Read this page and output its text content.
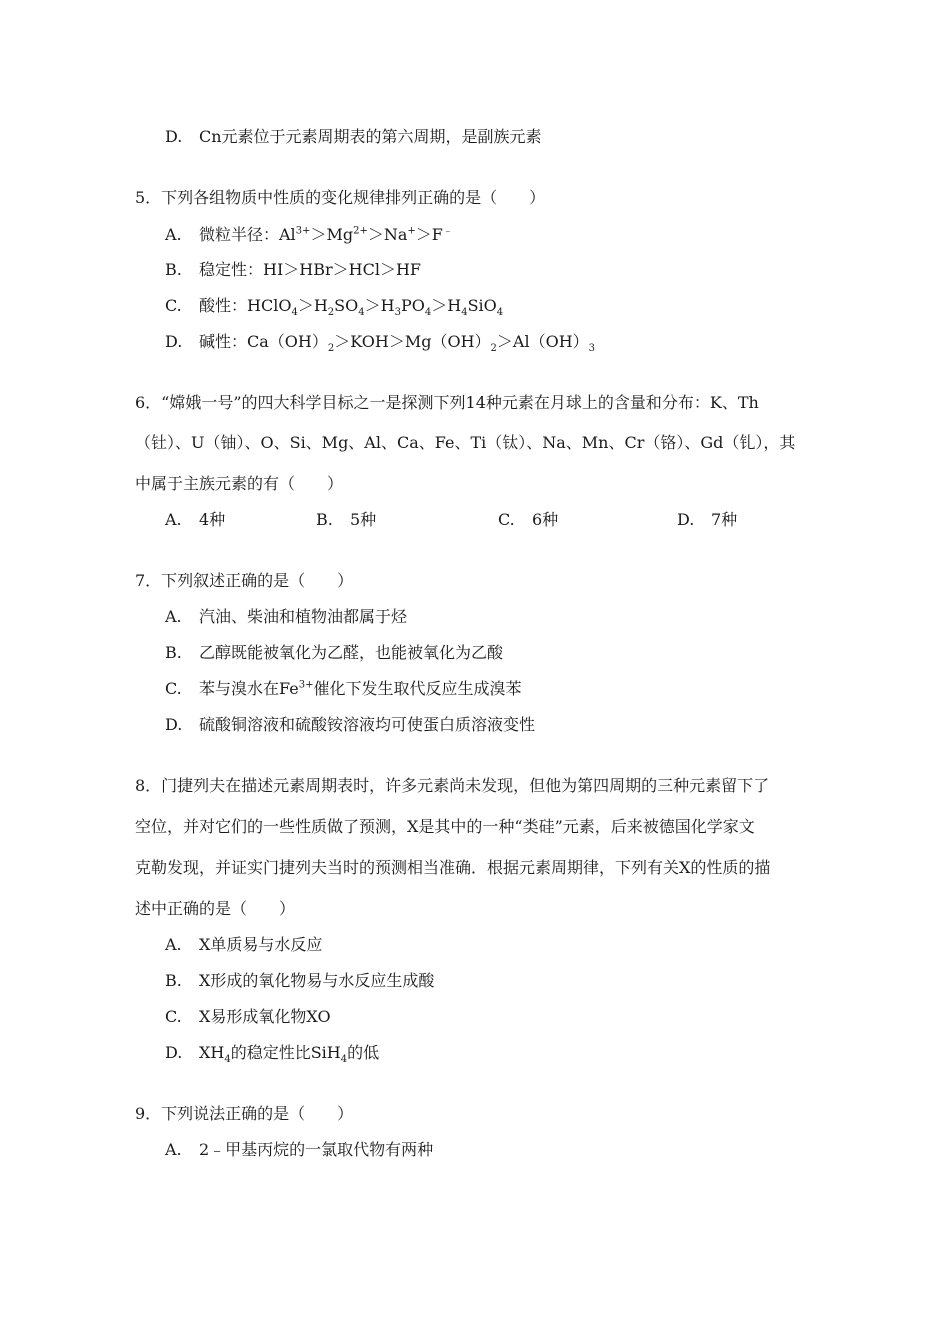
D. Cn元素位于元素周期表的第六周期，是副族元素
5．下列各组物质中性质的变化规律排列正确的是（　　）
A. 微粒半径：$Al^{3+}>Mg^{2+}>Na^+>F^﹣$
B. 稳定性：HI＞HBr＞HCl＞HF
C. 酸性：$HClO_4>H_2SO_4>H_3PO_4>H_4SiO_4$
D. 碱性：$Ca(OH)_2>KOH>Mg(OH)_2>Al(OH)_3$
6．“嫦娥一号”的四大科学目标之一是探测下列14种元素在月球上的含量和分布：K、Th
（钍）、U（铀）、O、Si、Mg、Al、Ca、Fe、Ti（钛）、Na、Mn、Cr（铬）、Gd（钆），其
中属于主族元素的有（　　）
A. 4种	B. 5种	C. 6种	D. 7种
7．下列叙述正确的是（　　）
A. 汽油、柴油和植物油都属于烃
B. 乙醇既能被氧化为乙醛，也能被氧化为乙酸
C. 苯与溴水在$Fe^{3+}$催化下发生取代反应生成溴苯
D. 硫酸铜溶液和硫酸铵溶液均可使蛋白质溶液变性
8．门捷列夫在描述元素周期表时，许多元素尚未发现，但他为第四周期的三种元素留下了
空位，并对它们的一些性质做了预测，X是其中的一种“类硅”元素，后来被德国化学家文
克勒发现，并证实门捷列夫当时的预测相当准确．根据元素周期律，下列有关X的性质的描
述中正确的是（　　）
A. X单质易与水反应
B. X形成的氧化物易与水反应生成酸
C. X易形成氧化物XO
D. $XH_4$的稳定性比SiH$_4$的低
9．下列说法正确的是（　　）
A. 2﹣甲基丙烷的一氯取代物有两种
